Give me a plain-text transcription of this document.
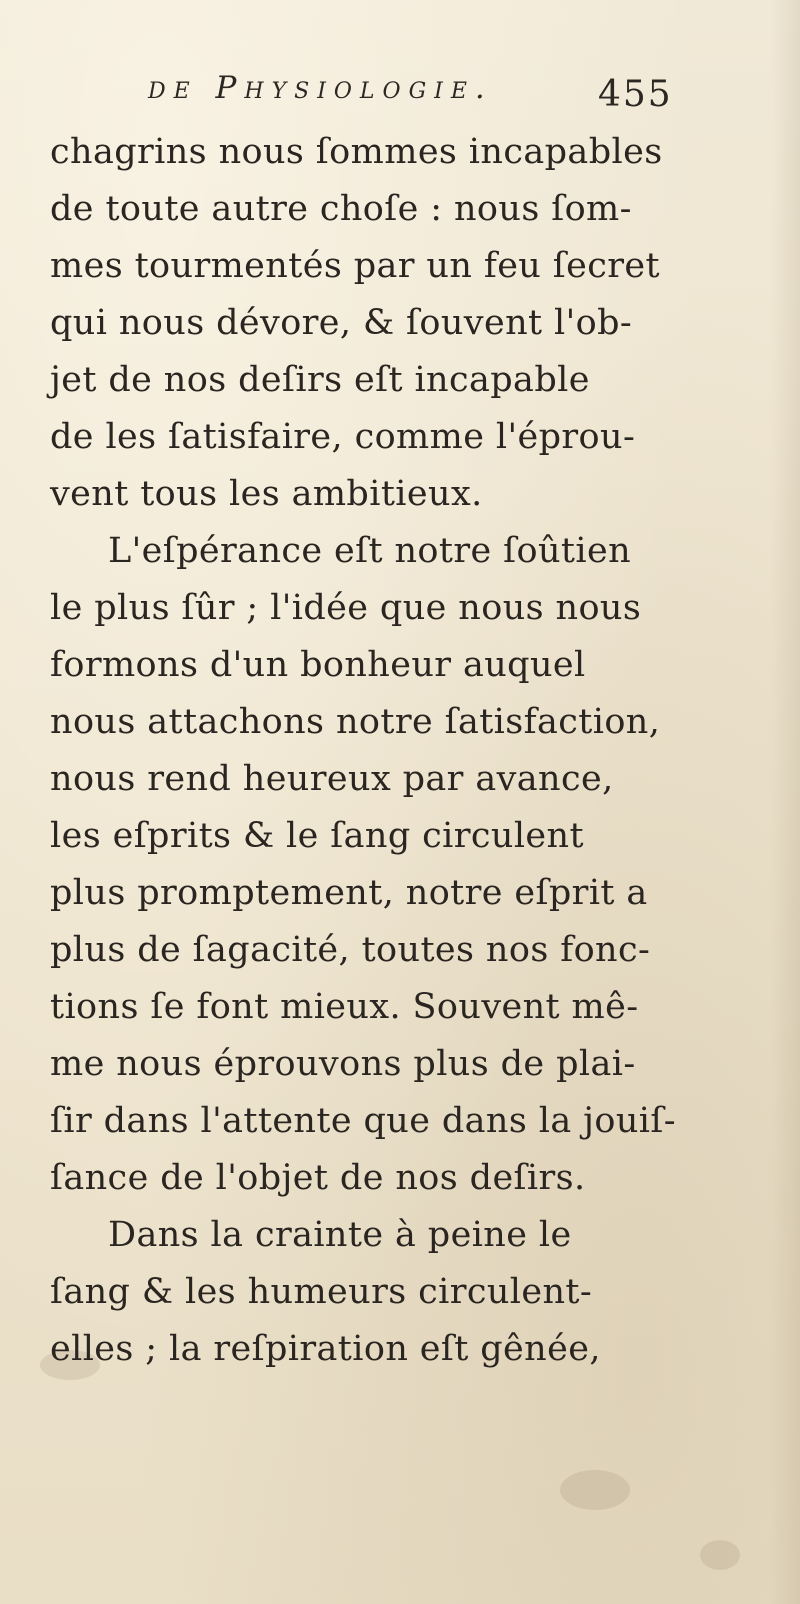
de Physiologie.	455
chagrins nous ſommes incapables
de toute autre choſe : nous ſom-
mes tourmentés par un feu ſecret
qui nous dévore, & ſouvent l'ob-
jet de nos deſirs eſt incapable
de les ſatisfaire, comme l'éprou-
vent tous les ambitieux.
L'eſpérance eſt notre ſoûtien
le plus ſûr ; l'idée que nous nous
formons d'un bonheur auquel
nous attachons notre ſatisfaction,
nous rend heureux par avance,
les eſprits & le ſang circulent
plus promptement, notre eſprit a
plus de ſagacité, toutes nos fonc-
tions ſe font mieux. Souvent mê-
me nous éprouvons plus de plai-
ſir dans l'attente que dans la jouiſ-
ſance de l'objet de nos deſirs.
Dans la crainte à peine le
ſang & les humeurs circulent-
elles ; la reſpiration eſt gênée,
